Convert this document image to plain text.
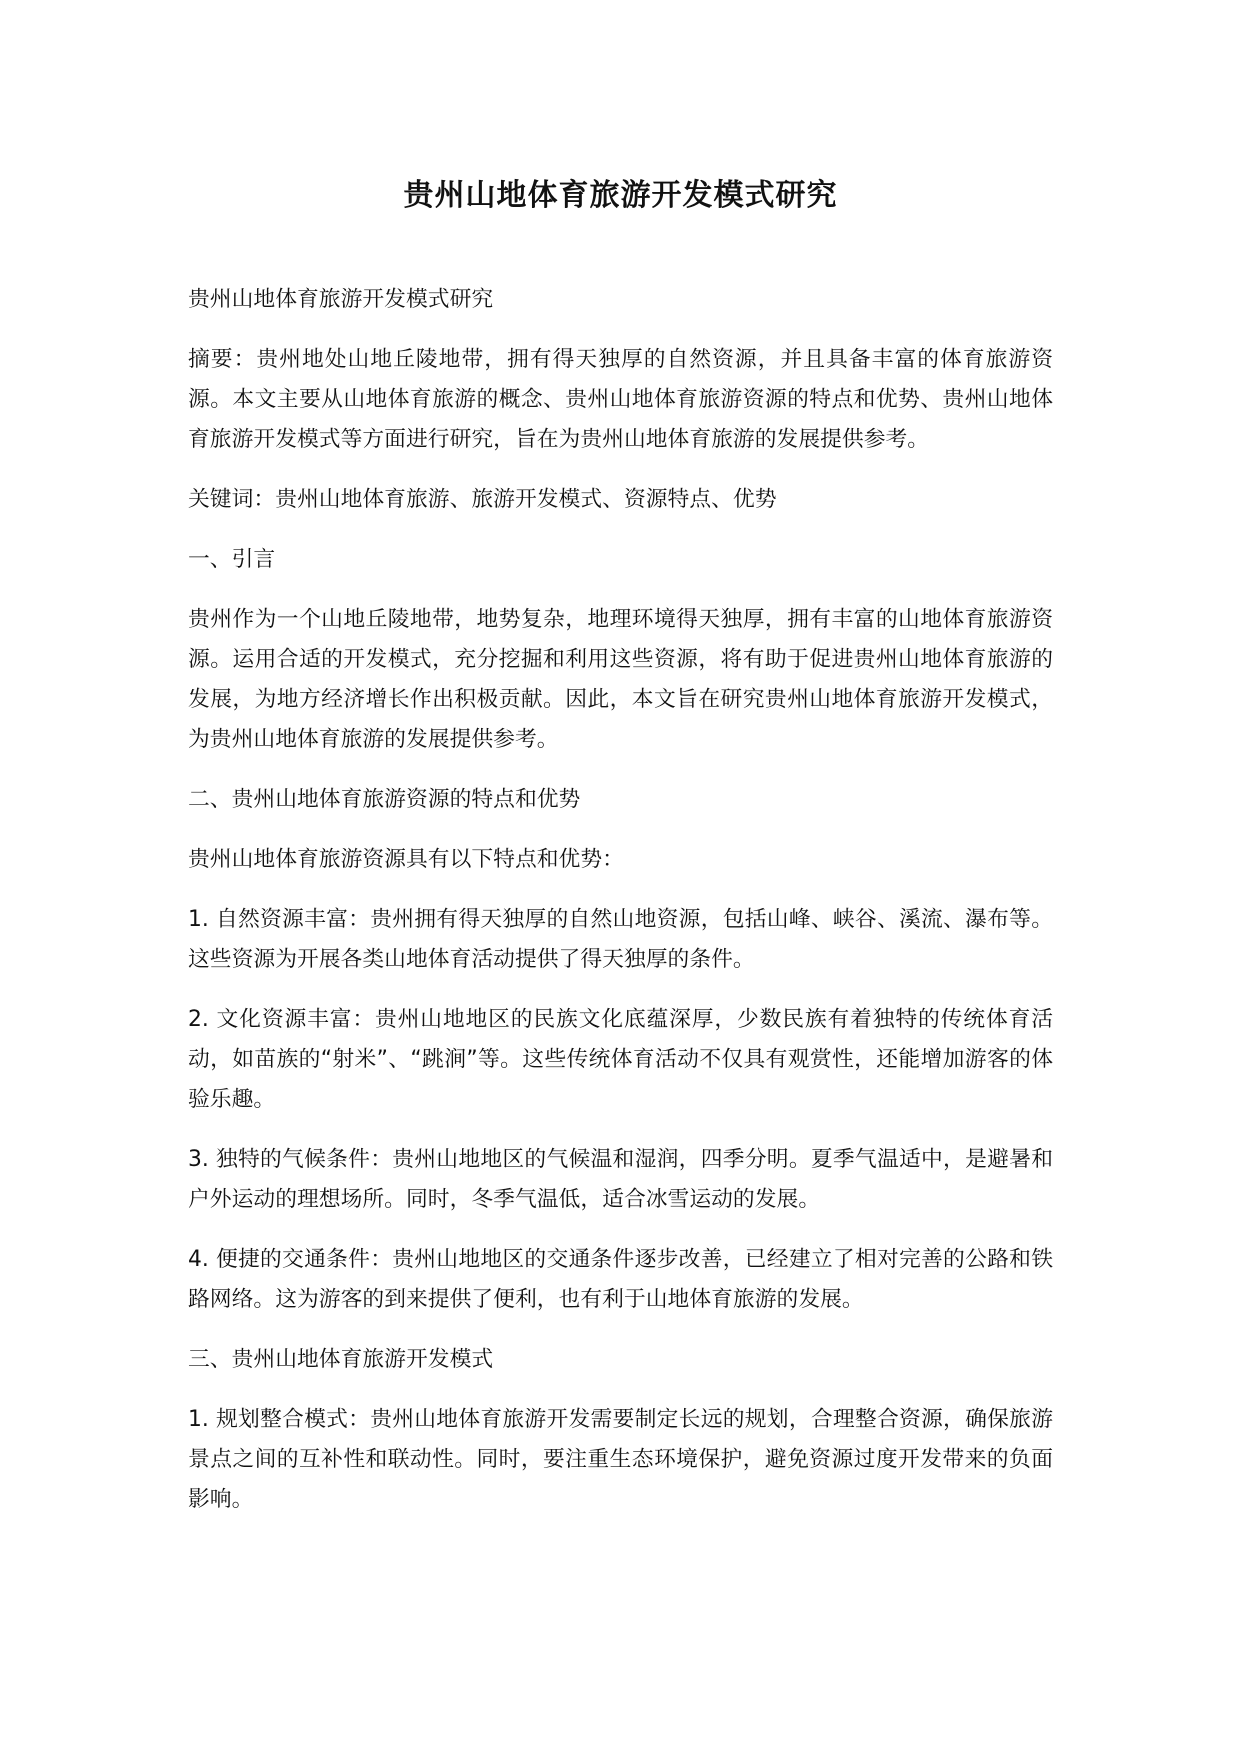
贵州山地体育旅游开发模式研究

贵州山地体育旅游开发模式研究

摘要：贵州地处山地丘陵地带，拥有得天独厚的自然资源，并且具备丰富的体育旅游资源。本文主要从山地体育旅游的概念、贵州山地体育旅游资源的特点和优势、贵州山地体育旅游开发模式等方面进行研究，旨在为贵州山地体育旅游的发展提供参考。

关键词：贵州山地体育旅游、旅游开发模式、资源特点、优势

一、引言

贵州作为一个山地丘陵地带，地势复杂，地理环境得天独厚，拥有丰富的山地体育旅游资源。运用合适的开发模式，充分挖掘和利用这些资源，将有助于促进贵州山地体育旅游的发展，为地方经济增长作出积极贡献。因此，本文旨在研究贵州山地体育旅游开发模式，为贵州山地体育旅游的发展提供参考。

二、贵州山地体育旅游资源的特点和优势

贵州山地体育旅游资源具有以下特点和优势：

1. 自然资源丰富：贵州拥有得天独厚的自然山地资源，包括山峰、峡谷、溪流、瀑布等。这些资源为开展各类山地体育活动提供了得天独厚的条件。

2. 文化资源丰富：贵州山地地区的民族文化底蕴深厚，少数民族有着独特的传统体育活动，如苗族的“射米”、“跳涧”等。这些传统体育活动不仅具有观赏性，还能增加游客的体验乐趣。

3. 独特的气候条件：贵州山地地区的气候温和湿润，四季分明。夏季气温适中，是避暑和户外运动的理想场所。同时，冬季气温低，适合冰雪运动的发展。

4. 便捷的交通条件：贵州山地地区的交通条件逐步改善，已经建立了相对完善的公路和铁路网络。这为游客的到来提供了便利，也有利于山地体育旅游的发展。

三、贵州山地体育旅游开发模式

1. 规划整合模式：贵州山地体育旅游开发需要制定长远的规划，合理整合资源，确保旅游景点之间的互补性和联动性。同时，要注重生态环境保护，避免资源过度开发带来的负面影响。
